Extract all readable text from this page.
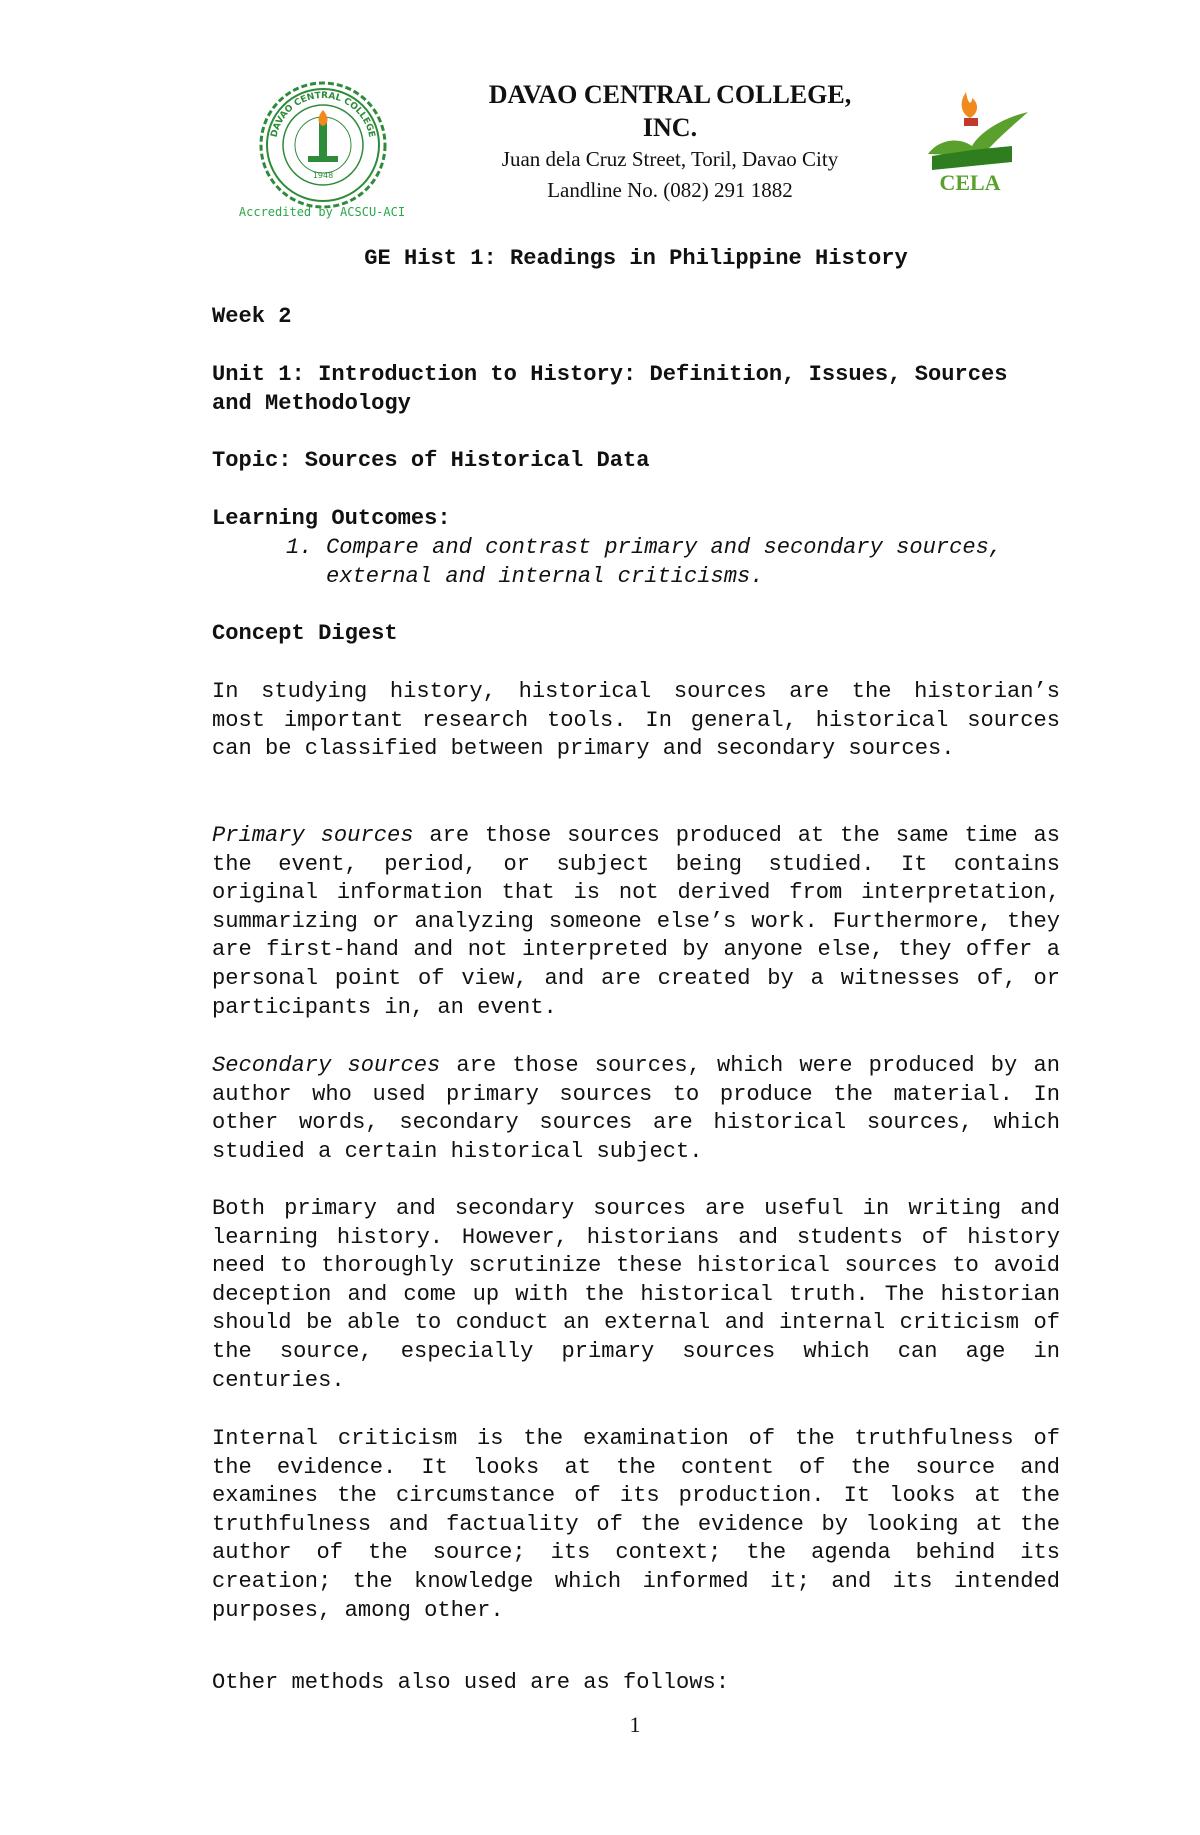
DAVAO CENTRAL COLLEGE
1948
Accredited by ACSCU-ACI
DAVAO CENTRAL COLLEGE,
INC.
Juan dela Cruz Street, Toril, Davao City
Landline No. (082) 291 1882	CELA
GE Hist 1: Readings in Philippine History
Week 2
Unit 1: Introduction to History: Definition, Issues, Sources
and Methodology
Topic: Sources of Historical Data
Learning Outcomes:
1. Compare and contrast primary and secondary sources,
external and internal criticisms.
Concept Digest
In studying history, historical sources are the historian’s most important research tools. In general, historical sources can be classified between primary and secondary sources.
Primary sources are those sources produced at the same time as the event, period, or subject being studied. It contains original information that is not derived from interpretation, summarizing or analyzing someone else’s work. Furthermore, they are first-hand and not interpreted by anyone else, they offer a personal point of view, and are created by a witnesses of, or participants in, an event.
Secondary sources are those sources, which were produced by an author who used primary sources to produce the material. In other words, secondary sources are historical sources, which studied a certain historical subject.
Both primary and secondary sources are useful in writing and learning history. However, historians and students of history need to thoroughly scrutinize these historical sources to avoid deception and come up with the historical truth. The historian should be able to conduct an external and internal criticism of the source, especially primary sources which can age in centuries.
Internal criticism is the examination of the truthfulness of the evidence. It looks at the content of the source and examines the circumstance of its production. It looks at the truthfulness and factuality of the evidence by looking at the author of the source; its context; the agenda behind its creation; the knowledge which informed it; and its intended purposes, among other.
Other methods also used are as follows:
1
